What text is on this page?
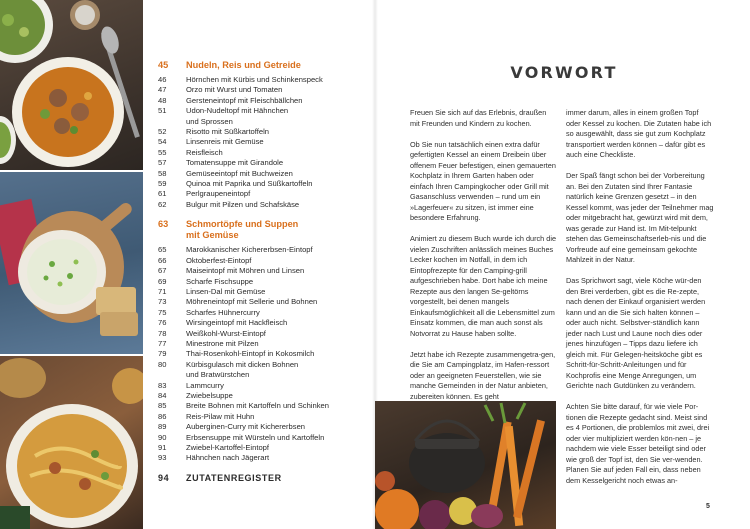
45	Nudeln, Reis und Getreide
46	Hörnchen mit Kürbis und Schinkenspeck
47	Orzo mit Wurst und Tomaten
48	Gersteneintopf mit Fleischbällchen
51	Udon-Nudeltopf mit Hähnchen
und Sprossen
52	Risotto mit Süßkartoffeln
54	Linsenreis mit Gemüse
55	Reisfleisch
57	Tomatensuppe mit Girandole
58	Gemüseeintopf mit Buchweizen
59	Quinoa mit Paprika und Süßkartoffeln
61	Perlgraupeneintopf
62	Bulgur mit Pilzen und Schafskäse
63	Schmortöpfe und Suppen
mit Gemüse
65	Marokkanischer Kichererbsen-Eintopf
66	Oktoberfest-Eintopf
67	Maiseintopf mit Möhren und Linsen
69	Scharfe Fischsuppe
71	Linsen-Dal mit Gemüse
73	Möhreneintopf mit Sellerie und Bohnen
75	Scharfes Hühnercurry
76	Wirsingeintopf mit Hackfleisch
78	Weißkohl-Wurst-Eintopf
77	Minestrone mit Pilzen
79	Thai-Rosenkohl-Eintopf in Kokosmilch
80	Kürbisgulasch mit dicken Bohnen
und Bratwürstchen
83	Lammcurry
84	Zwiebelsuppe
85	Breite Bohnen mit Kartoffeln und Schinken
86	Reis-Pilaw mit Huhn
89	Auberginen-Curry mit Kichererbsen
90	Erbsensuppe mit Würsteln und Kartoffeln
91	Zwiebel-Kartoffel-Eintopf
93	Hähnchen nach Jägerart
94	ZUTATENREGISTER
VORWORT

Freuen Sie sich auf das Erlebnis, draußen mit Freunden und Kindern zu kochen.

Ob Sie nun tatsächlich einen extra dafür gefertigten Kessel an einem Dreibein über offenem Feuer befestigen, einen gemauerten Kochplatz in Ihrem Garten haben oder einfach Ihren Campingkocher oder Grill mit Gasanschluss verwenden – rund um ein »Lagerfeuer« zu sitzen, ist immer eine besondere Erfahrung.

Animiert zu diesem Buch wurde ich durch die vielen Zuschriften anlässlich meines Buches Lecker kochen im Notfall, in dem ich Eintopfrezepte für den Camping-grill aufgeschrieben habe. Dort habe ich meine Rezepte aus den langen Se-geltörns vorgestellt, bei denen mangels Einkaufsmöglichkeit all die Lebensmittel zum Einsatz kommen, die man auch sonst als Notvorrat zu Hause haben sollte.

Jetzt habe ich Rezepte zusammengetra-gen, die Sie am Campingplatz, im Hafen-ressort oder an geeigneten Feuerstellen, wie sie manche Gemeinden in der Natur anbieten, zubereiten können. Es geht

immer darum, alles in einem großen Topf oder Kessel zu kochen. Die Zutaten habe ich so ausgewählt, dass sie gut zum Kochplatz transportiert werden können – dafür gibt es auch eine Checkliste.

Der Spaß fängt schon bei der Vorbereitung an. Bei den Zutaten sind Ihrer Fantasie natürlich keine Grenzen gesetzt – in den Kessel kommt, was jeder der Teilnehmer mag oder mitgebracht hat, gewürzt wird mit dem, was gerade zur Hand ist. Im Mit-telpunkt stehen das Gemeinschaftserleb-nis und die Vorfreude auf eine gemeinsam gekochte Mahlzeit in der Natur.

Das Sprichwort sagt, viele Köche wür-den den Brei verderben, gibt es die Re-zepte, nach denen der Einkauf organisiert werden kann und an die Sie sich halten können – oder auch nicht. Selbstver-ständlich kann jeder nach Lust und Laune noch dies oder jenes hinzufügen – Tipps dazu liefere ich gleich mit. Für Gelegen-heitsköche gibt es Schritt-für-Schritt-Anleitungen und für Kochprofis eine Menge Anregungen, um Gerichte nach Gutdünken zu verändern.

Achten Sie bitte darauf, für wie viele Por-tionen die Rezepte gedacht sind. Meist sind es 4 Portionen, die problemlos mit zwei, drei oder vier multipliziert werden kön-nen – je nachdem wie viele Esser beteiligt sind oder wie groß der Topf ist, den Sie ver-wenden. Planen Sie auf jeden Fall ein, dass neben dem Kesselgericht noch etwas an-

5
